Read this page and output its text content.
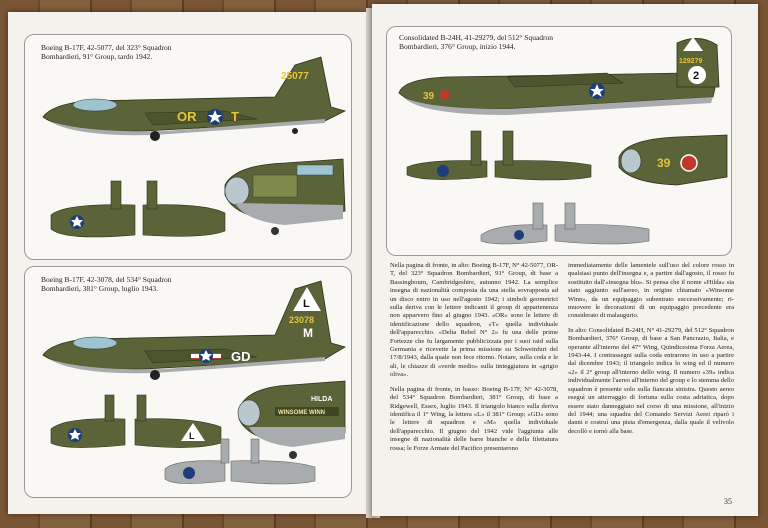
Boeing B-17F, 42-5077, del 323° Squadron Bombardieri, 91° Group, tardo 1942.
25077
OR	T
Boeing B-17F, 42-3078, del 534° Squadron Bombardieri, 381° Group, luglio 1943.
L
23078
M
GD
HILDA
WINSOME WINN
L
Consolidated B-24H, 41-29279, del 512° Squadron Bombardieri, 376° Group, inizio 1944.
129279
2
39
39

Nella pagina di fronte, in alto: Boeing B-17F, N° 42-5077, OR-T, del 323° Squadron Bombardieri, 91° Group, di base a Bassingbourn, Cambridgeshire, autunno 1942. La semplice insegna di nazionalità composta da una stella sovrapposta ad un disco entro in uso nell'agosto 1942; i simboli geometrici sulla deriva con le lettere indicanti il group di appartenenza non apparvero fino al giugno 1943. «OR» sono le lettere di identificazione dello squadron, «T» quella individuale dell'apparecchio. «Delta Rebel N° 2» fu una delle prime Fortezze che fu largamente pubblicizzata per i suoi raid sulla Germania e ricevette la prima missione su Schweinfurt del 17/8/1943, dalla quale non fece ritorno. Notare, sulla coda e le ali, le chiazze di «verde medio» sulla tinteggiatura in «grigio oliva».

Nella pagina di fronte, in basso: Boeing B-17F, N° 42-3078, del 534° Squadron Bombardieri, 381° Group, di base a Ridgewell, Essex, luglio 1943. Il triangolo bianco sulla deriva identifica il 1° Wing, la lettera «L» il 381° Group; «GD» sono le lettere di squadron e «M» quella individuale dell'apparecchio. Il giugno del 1942 vide l'aggiunta alle insegne di nazionalità delle barre bianche e della filettatura rossa; le Forze Armate del Pacifico presentarono

immediatamente delle lamentele sull'uso del colore rosso in qualsiasi punto dell'insegna e, a partire dall'agosto, il rosso fu sostituito dall'«insegna blu». Si pensa che il nome «Hilda» sia stato aggiunto sull'aereo, in origine chiamato «Winsome Winn», da un equipaggio subentrato successivamente; rimuovere le decorazioni di un equipaggio precedente era considerato di malaugurio.

In alto: Consolidated B-24H, N° 41-29279, del 512° Squadron Bombardieri, 376° Group, di base a San Pancrazio, Italia, e operante all'interno del 47° Wing, Quindicesima Forza Aerea, 1943-44. I contrassegni sulla coda entrarono in uso a partire dal dicembre 1943; il triangolo indica lo wing ed il numero «2» il 2° group all'interno dello wing. Il numero «39» indica individualmente l'aereo all'interno del group e lo stemma dello squadron è presente solo sulla fiancata sinistra. Questo aereo eseguì un atterraggio di fortuna sulla costa adriatica, dopo essere stato danneggiato nel corso di una missione, all'inizio del 1944; una squadra del Comando Servizi Aerei riparò i danni e costruì una pista d'emergenza, dalla quale il velivolo decollò e tornò alla base.

35
